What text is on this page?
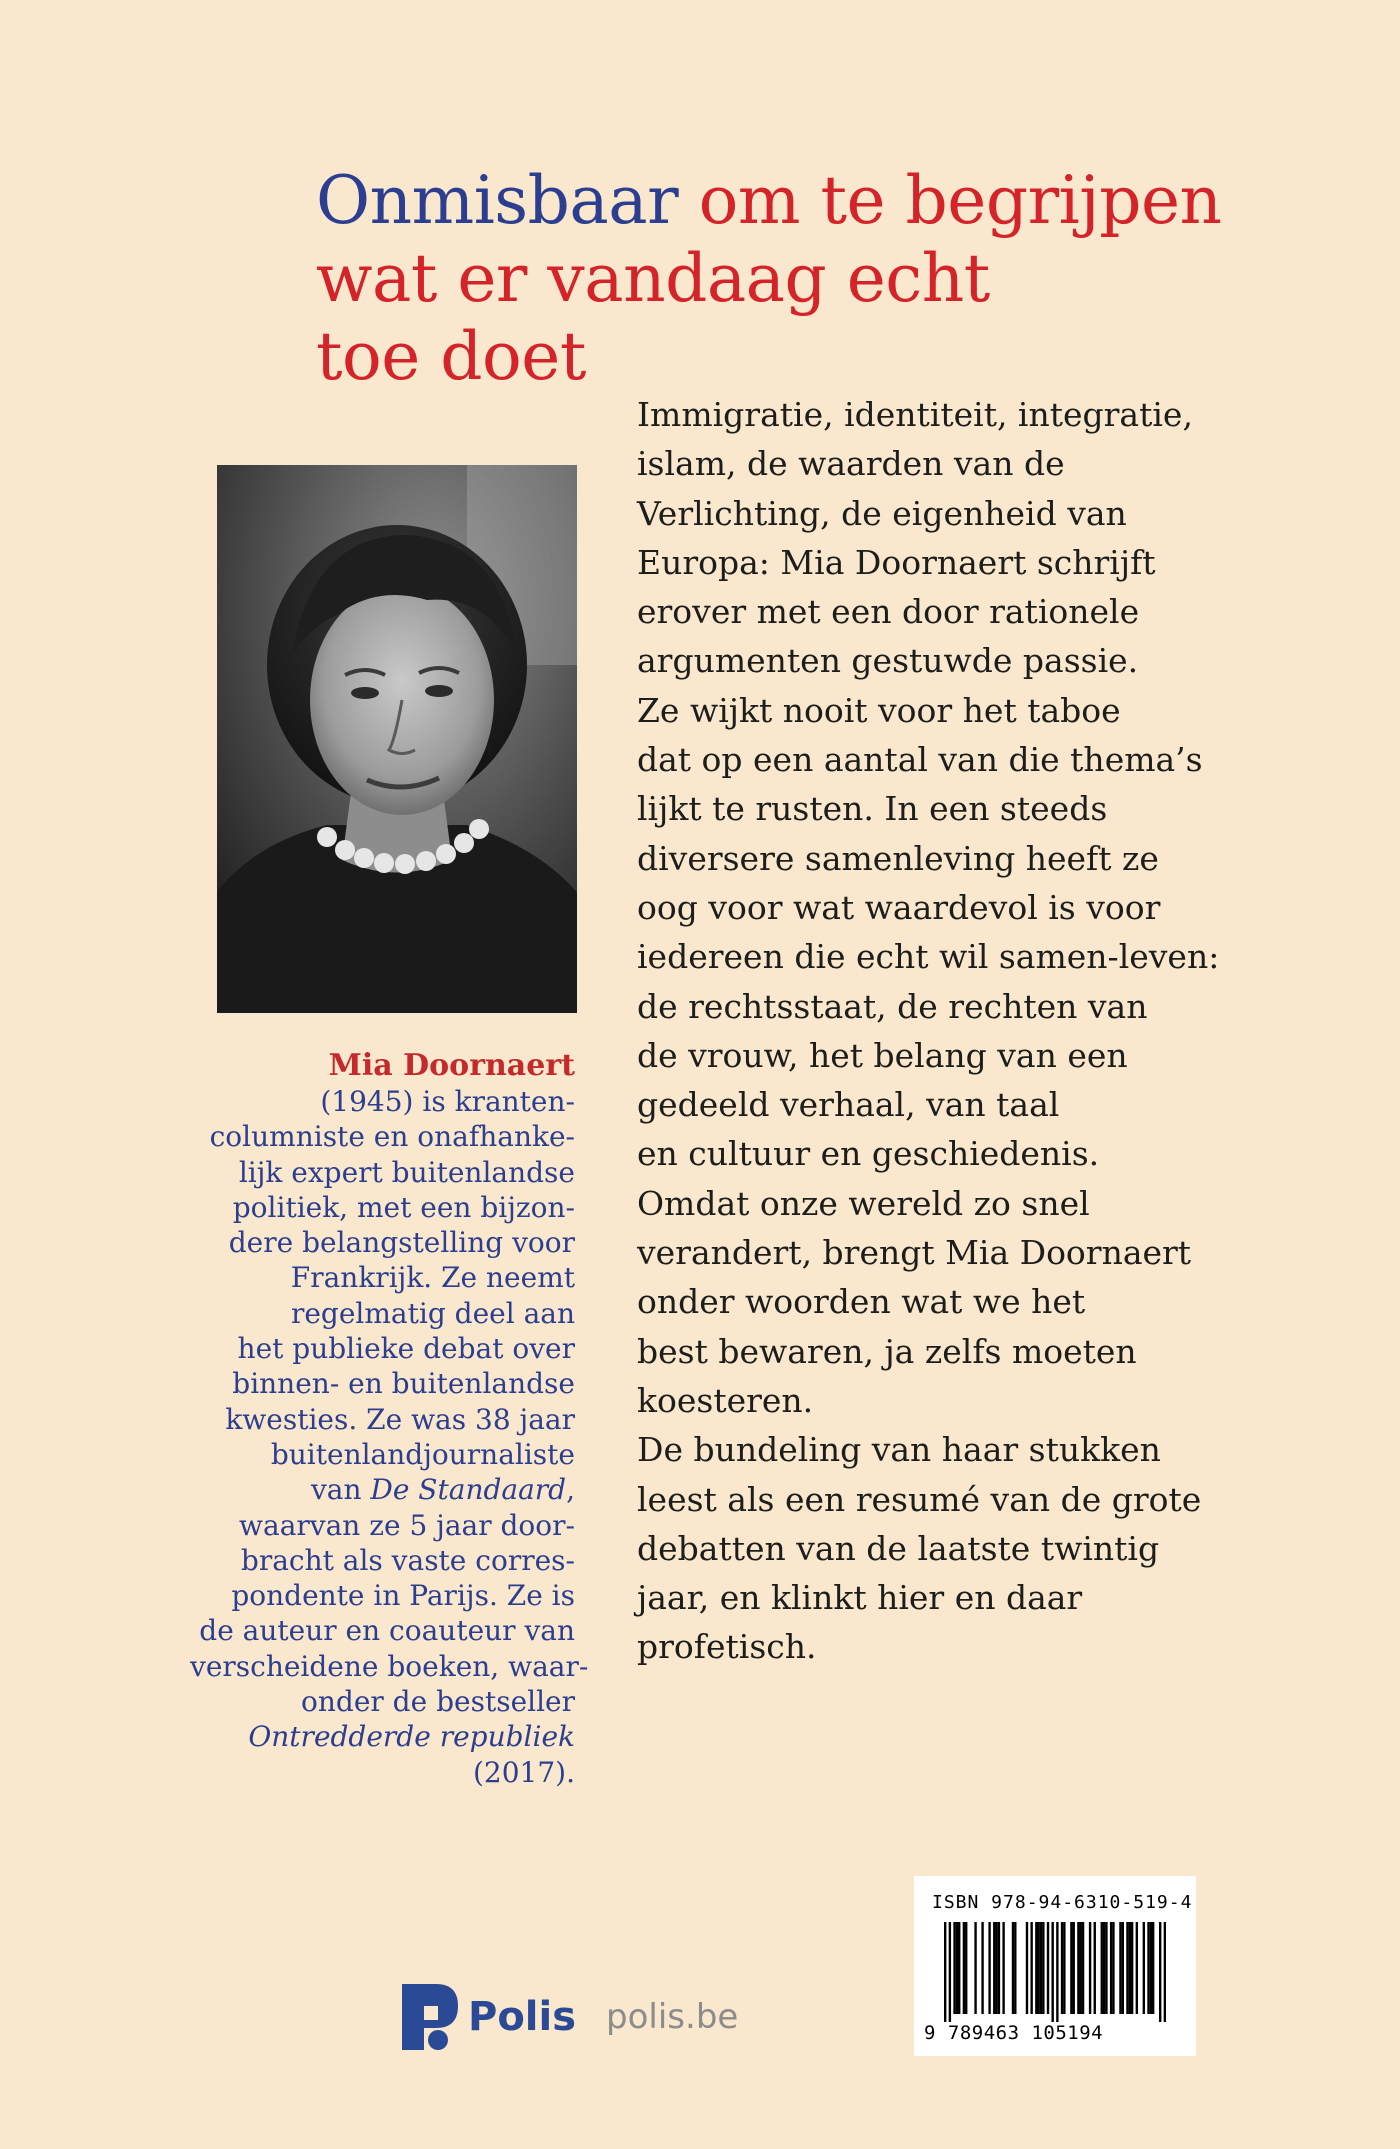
Onmisbaar om te begrijpen
wat er vandaag echt
toe doet
Mia Doornaert
(1945) is kranten-
columniste en onafhanke-
lijk expert buitenlandse
politiek, met een bijzon-
dere belangstelling voor
Frankrijk. Ze neemt
regelmatig deel aan
het publieke debat over
binnen- en buitenlandse
kwesties. Ze was 38 jaar
buitenlandjournaliste
van De Standaard,
waarvan ze 5 jaar door-
bracht als vaste corres-
pondente in Parijs. Ze is
de auteur en coauteur van
verscheidene boeken, waar-
onder de bestseller
Ontredderde republiek
(2017).
Immigratie, identiteit, integratie,
islam, de waarden van de
Verlichting, de eigenheid van
Europa: Mia Doornaert schrijft
erover met een door rationele
argumenten gestuwde passie.
Ze wijkt nooit voor het taboe
dat op een aantal van die thema’s
lijkt te rusten. In een steeds
diversere samenleving heeft ze
oog voor wat waardevol is voor
iedereen die echt wil samen-leven:
de rechtsstaat, de rechten van
de vrouw, het belang van een
gedeeld verhaal, van taal
en cultuur en geschiedenis.
Omdat onze wereld zo snel
verandert, brengt Mia Doornaert
onder woorden wat we het
best bewaren, ja zelfs moeten
koesteren.
De bundeling van haar stukken
leest als een resumé van de grote
debatten van de laatste twintig
jaar, en klinkt hier en daar
profetisch.
Polis polis.be
ISBN 978-94-6310-519-4
9 789463 105194
